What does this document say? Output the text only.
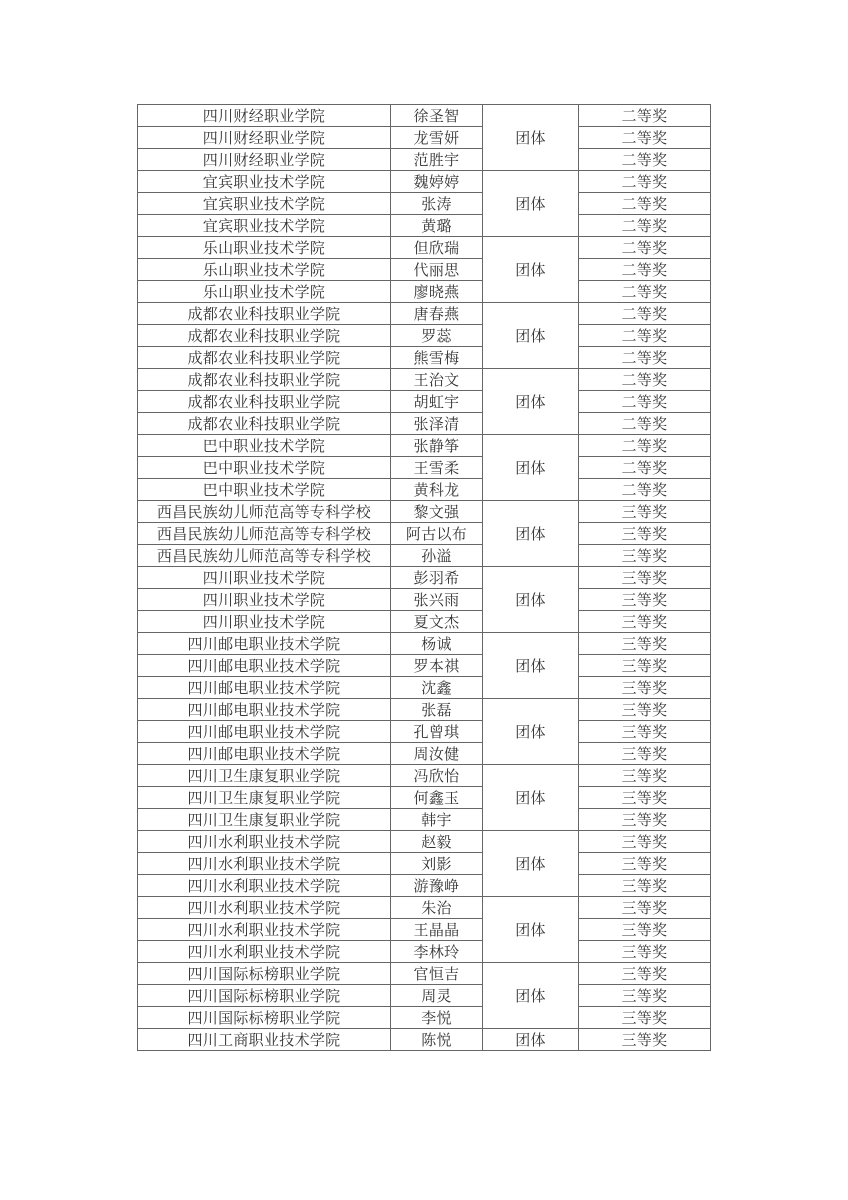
四川财经职业学院	徐圣智	团体	二等奖
四川财经职业学院	龙雪妍		二等奖
四川财经职业学院	范胜宇		二等奖
宜宾职业技术学院	魏婷婷	团体	二等奖
宜宾职业技术学院	张涛		二等奖
宜宾职业技术学院	黄璐		二等奖
乐山职业技术学院	但欣瑞	团体	二等奖
乐山职业技术学院	代丽思		二等奖
乐山职业技术学院	廖晓燕		二等奖
成都农业科技职业学院	唐春燕	团体	二等奖
成都农业科技职业学院	罗蕊		二等奖
成都农业科技职业学院	熊雪梅		二等奖
成都农业科技职业学院	王治文	团体	二等奖
成都农业科技职业学院	胡虹宇		二等奖
成都农业科技职业学院	张泽清		二等奖
巴中职业技术学院	张静筝	团体	二等奖
巴中职业技术学院	王雪柔		二等奖
巴中职业技术学院	黄科龙		二等奖
西昌民族幼儿师范高等专科学校	黎文强	团体	三等奖
西昌民族幼儿师范高等专科学校	阿古以布		三等奖
西昌民族幼儿师范高等专科学校	孙溢		三等奖
四川职业技术学院	彭羽希	团体	三等奖
四川职业技术学院	张兴雨		三等奖
四川职业技术学院	夏文杰		三等奖
四川邮电职业技术学院	杨诚	团体	三等奖
四川邮电职业技术学院	罗本祺		三等奖
四川邮电职业技术学院	沈鑫		三等奖
四川邮电职业技术学院	张磊	团体	三等奖
四川邮电职业技术学院	孔曾琪		三等奖
四川邮电职业技术学院	周汝健		三等奖
四川卫生康复职业学院	冯欣怡	团体	三等奖
四川卫生康复职业学院	何鑫玉		三等奖
四川卫生康复职业学院	韩宇		三等奖
四川水利职业技术学院	赵毅	团体	三等奖
四川水利职业技术学院	刘影		三等奖
四川水利职业技术学院	游豫峥		三等奖
四川水利职业技术学院	朱治	团体	三等奖
四川水利职业技术学院	王晶晶		三等奖
四川水利职业技术学院	李林玲		三等奖
四川国际标榜职业学院	官恒吉	团体	三等奖
四川国际标榜职业学院	周灵		三等奖
四川国际标榜职业学院	李悦		三等奖
四川工商职业技术学院	陈悦	团体	三等奖
